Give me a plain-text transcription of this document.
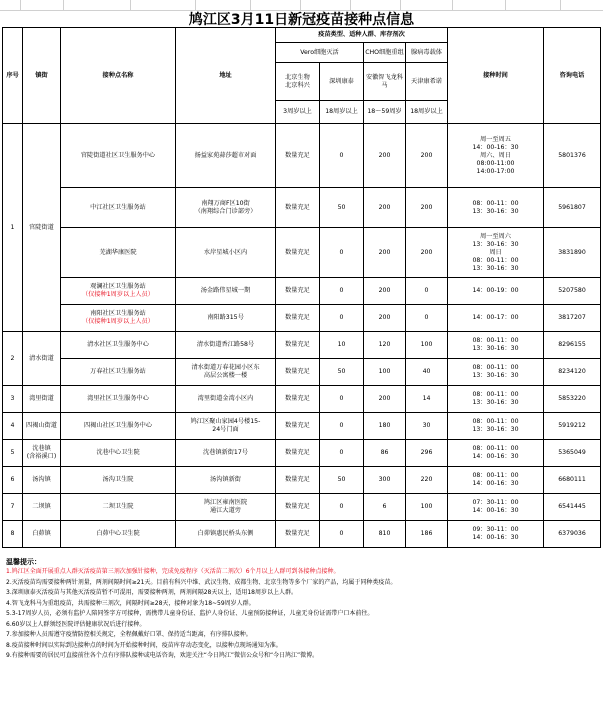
鸠江区3月11日新冠疫苗接种点信息
序号	镇街	接种点名称	地址	疫苗类型、适种人群、库存剂次				接种时间	咨询电话
				Vero细胞灭活		CHO细胞重组	腺病毒载体		
				北京生物
北京科兴	深圳康泰	安徽智飞龙科马	天津康希诺		
				3周岁以上	18周岁以上	18～59周岁	18周岁以上		
1	官陡街道	官陡街道社区卫生服务中心	扬益家苑蒜莎超市对面	数量充足	0	200	200	周一至周五
14：00-16：30
周六、周日
08:00-11:00
14:00-17:00	5801376
		中江社区卫生服务站	南翔万商F区10街
（南翔综合门诊部旁）	数量充足	50	200	200	08：00-11：00
13：30-16：30	5961807
		芜湖华康医院	水岸星城小区内	数量充足	0	200	200	周一至周六
13：30-16：30
周日
08：00-11：00
13：30-16：30	3831890
		观澜社区卫生服务站
（仅接种1周岁以上人员）	汤金路伟星城一期	数量充足	0	200	0	14：00-19：00	5207580
		南阳社区卫生服务站
（仅接种1周岁以上人员）	南阳路315号	数量充足	0	200	0	14：00-17：00	3817207
2	清水街道	清水社区卫生服务中心	清水街道香江路58号	数量充足	10	120	100	08：00-11：00
13：30-16：30	8296155
		万春社区卫生服务站	清水街道万春花园小区东
高层公寓楼一楼	数量充足	50	100	40	08：00-11：00
13：30-16：30	8234120
3	湾里街道	湾里社区卫生服务中心	湾里街道金湾小区内	数量充足	0	200	14	08：00-11：00
13：30-16：30	5853220
4	四褐山街道	四褐山社区卫生服务中心	鸠江区聚山家园4号楼15-
24号门面	数量充足	0	180	30	08：00-11：00
13：30-16：30	5919212
5	沈巷镇
(含裕溪口)	沈巷中心卫生院	沈巷镇新街17号	数量充足	0	86	296	08：00-11：00
14：00-16：30	5365049
6	汤沟镇	汤沟卫生院	汤沟镇新街	数量充足	50	300	220	08：00-11：00
14：00-16：30	6680111
7	二坝镇	二坝卫生院	鸠江区雍南医院
通江大道旁	数量充足	0	6	100	07：30-11：00
14：00-16：30	6541445
8	白茆镇	白茆中心卫生院	白茆镇惠民桥头东侧	数量充足	0	810	186	09：30-11：00
14：00-16：30	6379036
温馨提示：
1.鸠江区全面开展重点人群灭活疫苗第三剂次加强针接种，完成免疫程序（灭活苗二剂次）6个月以上人群可到各接种点接种。
2.灭活疫苗均需要接种两针剂量，两剂间隔时间≥21天。目前有科兴中维、武汉生物、成都生物、北京生物等多个厂家的产品，均属于同种类疫苗。
3.深圳康泰灭活疫苗与其他灭活疫苗暂不可混用，需要接种两剂，两剂间隔28天以上，适用18周岁以上人群。
4.智飞龙科马为重组疫苗，共需接种三剂次，间隔时间≥28天，接种对象为18~59周岁人群。
5.3-17周岁人员，必须有监护人陪同签字方可接种，需携带儿童身份证、监护人身份证、儿童预防接种证，儿童无身份证需带户口本前往。
6.60岁以上人群须经医院评估健康状况后进行接种。
7.参加接种人员需遵守疫情防控相关规定，全程佩戴好口罩、保持适当距离，有序排队接种。
8.疫苗接种时间以实际到达接种点的时间为开始接种时间，疫苗库存动态变化，以接种点现场通知为准。
9.有接种需要的居民可直接前往各个点有序排队接种或电话咨询，欢迎关注“今日鸠江”微信公众号和“今日鸠江”微博。
